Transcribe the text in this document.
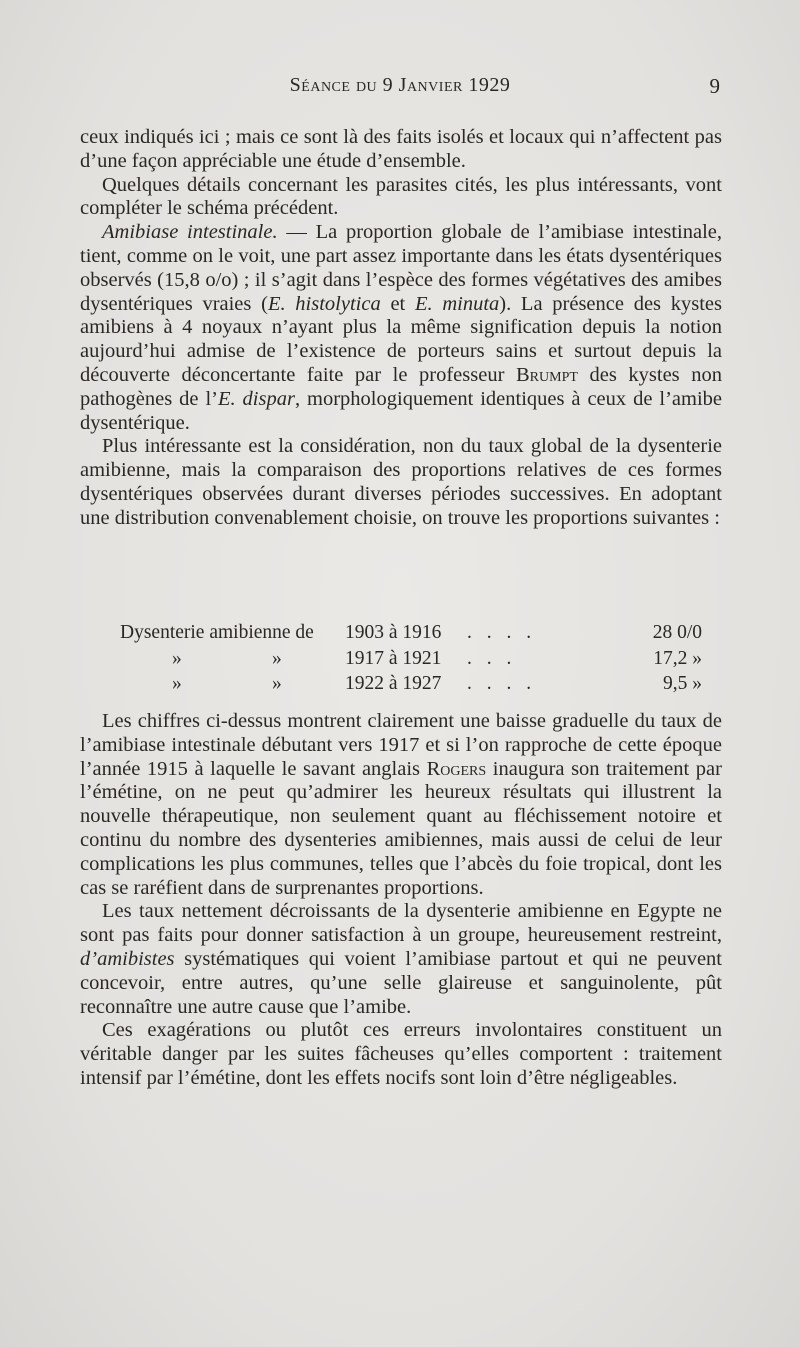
Séance du 9 Janvier 1929	9

ceux indiqués ici ; mais ce sont là des faits isolés et locaux qui n’affectent pas d’une façon appréciable une étude d’ensemble.

Quelques détails concernant les parasites cités, les plus intéressants, vont compléter le schéma précédent.

Amibiase intestinale. — La proportion globale de l’amibiase intestinale, tient, comme on le voit, une part assez importante dans les états dysentériques observés (15,8 o/o) ; il s’agit dans l’espèce des formes végétatives des amibes dysentériques vraies (E. histolytica et E. minuta). La présence des kystes amibiens à 4 noyaux n’ayant plus la même signification depuis la notion aujourd’hui admise de l’existence de porteurs sains et surtout depuis la découverte déconcertante faite par le professeur Brumpt des kystes non pathogènes de l’E. dispar, morphologiquement identiques à ceux de l’amibe dysentérique.

Plus intéressante est la considération, non du taux global de la dysenterie amibienne, mais la comparaison des proportions relatives de ces formes dysentériques observées durant diverses périodes successives. En adoptant une distribution convenablement choisie, on trouve les proportions suivantes :

Dysenterie amibienne de 1903 à 1916 . . . .	28 0/0
»	»	1917 à 1921 . . .	17,2 »
»	»	1922 à 1927 . . . .	9,5 »

Les chiffres ci-dessus montrent clairement une baisse graduelle du taux de l’amibiase intestinale débutant vers 1917 et si l’on rapproche de cette époque l’année 1915 à laquelle le savant anglais Rogers inaugura son traitement par l’émétine, on ne peut qu’admirer les heureux résultats qui illustrent la nouvelle thérapeutique, non seulement quant au fléchissement notoire et continu du nombre des dysenteries amibiennes, mais aussi de celui de leur complications les plus communes, telles que l’abcès du foie tropical, dont les cas se raréfient dans de surprenantes proportions.

Les taux nettement décroissants de la dysenterie amibienne en Egypte ne sont pas faits pour donner satisfaction à un groupe, heureusement restreint, d’amibistes systématiques qui voient l’amibiase partout et qui ne peuvent concevoir, entre autres, qu’une selle glaireuse et sanguinolente, pût reconnaître une autre cause que l’amibe.

Ces exagérations ou plutôt ces erreurs involontaires constituent un véritable danger par les suites fâcheuses qu’elles comportent : traitement intensif par l’émétine, dont les effets nocifs sont loin d’être négligeables.
